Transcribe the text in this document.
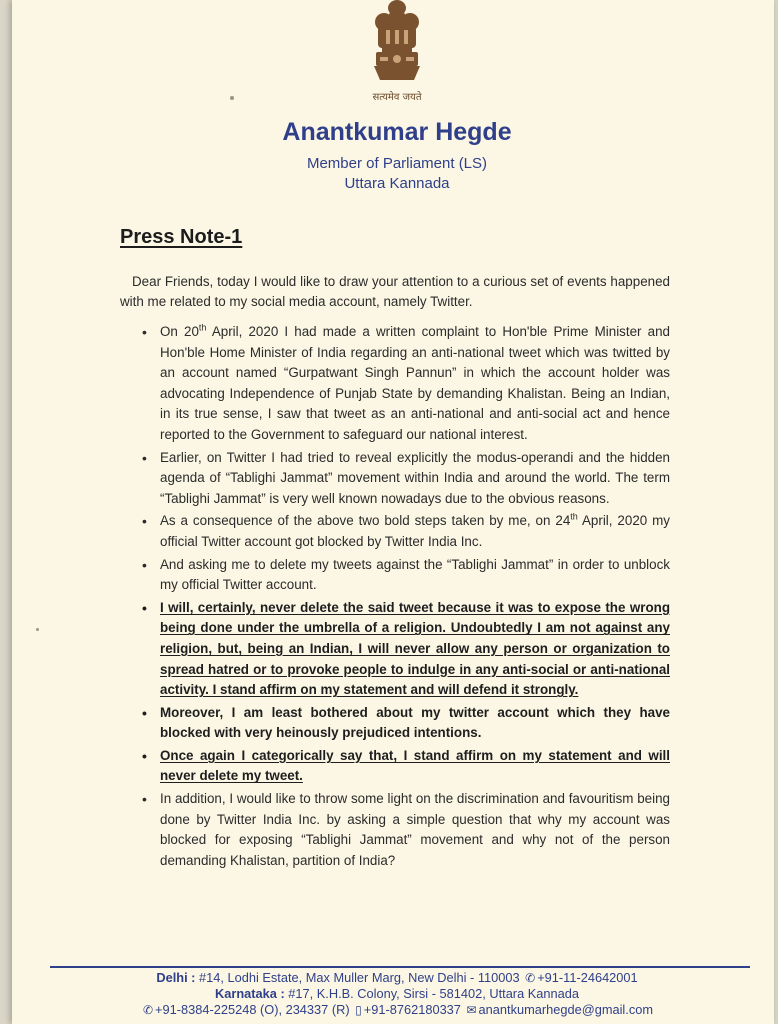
सत्यमेव जयते
Anantkumar Hegde
Member of Parliament (LS)
Uttara Kannada
Press Note-1
Dear Friends, today I would like to draw your attention to a curious set of events happened with me related to my social media account, namely Twitter.
• On 20th April, 2020 I had made a written complaint to Hon'ble Prime Minister and Hon'ble Home Minister of India regarding an anti-national tweet which was twitted by an account named “Gurpatwant Singh Pannun” in which the account holder was advocating Independence of Punjab State by demanding Khalistan. Being an Indian, in its true sense, I saw that tweet as an anti-national and anti-social act and hence reported to the Government to safeguard our national interest.
• Earlier, on Twitter I had tried to reveal explicitly the modus-operandi and the hidden agenda of “Tablighi Jammat” movement within India and around the world. The term “Tablighi Jammat” is very well known nowadays due to the obvious reasons.
• As a consequence of the above two bold steps taken by me, on 24th April, 2020 my official Twitter account got blocked by Twitter India Inc.
• And asking me to delete my tweets against the “Tablighi Jammat” in order to unblock my official Twitter account.
• I will, certainly, never delete the said tweet because it was to expose the wrong being done under the umbrella of a religion. Undoubtedly I am not against any religion, but, being an Indian, I will never allow any person or organization to spread hatred or to provoke people to indulge in any anti-social or anti-national activity. I stand affirm on my statement and will defend it strongly.
• Moreover, I am least bothered about my twitter account which they have blocked with very heinously prejudiced intentions.
• Once again I categorically say that, I stand affirm on my statement and will never delete my tweet.
• In addition, I would like to throw some light on the discrimination and favouritism being done by Twitter India Inc. by asking a simple question that why my account was blocked for exposing “Tablighi Jammat” movement and why not of the person demanding Khalistan, partition of India?
Delhi : #14, Lodhi Estate, Max Muller Marg, New Delhi - 110003 ✆ +91-11-24642001
Karnataka : #17, K.H.B. Colony, Sirsi - 581402, Uttara Kannada
✆ +91-8384-225248 (O), 234337 (R) ▯ +91-8762180337 ✉ anantkumarhegde@gmail.com
